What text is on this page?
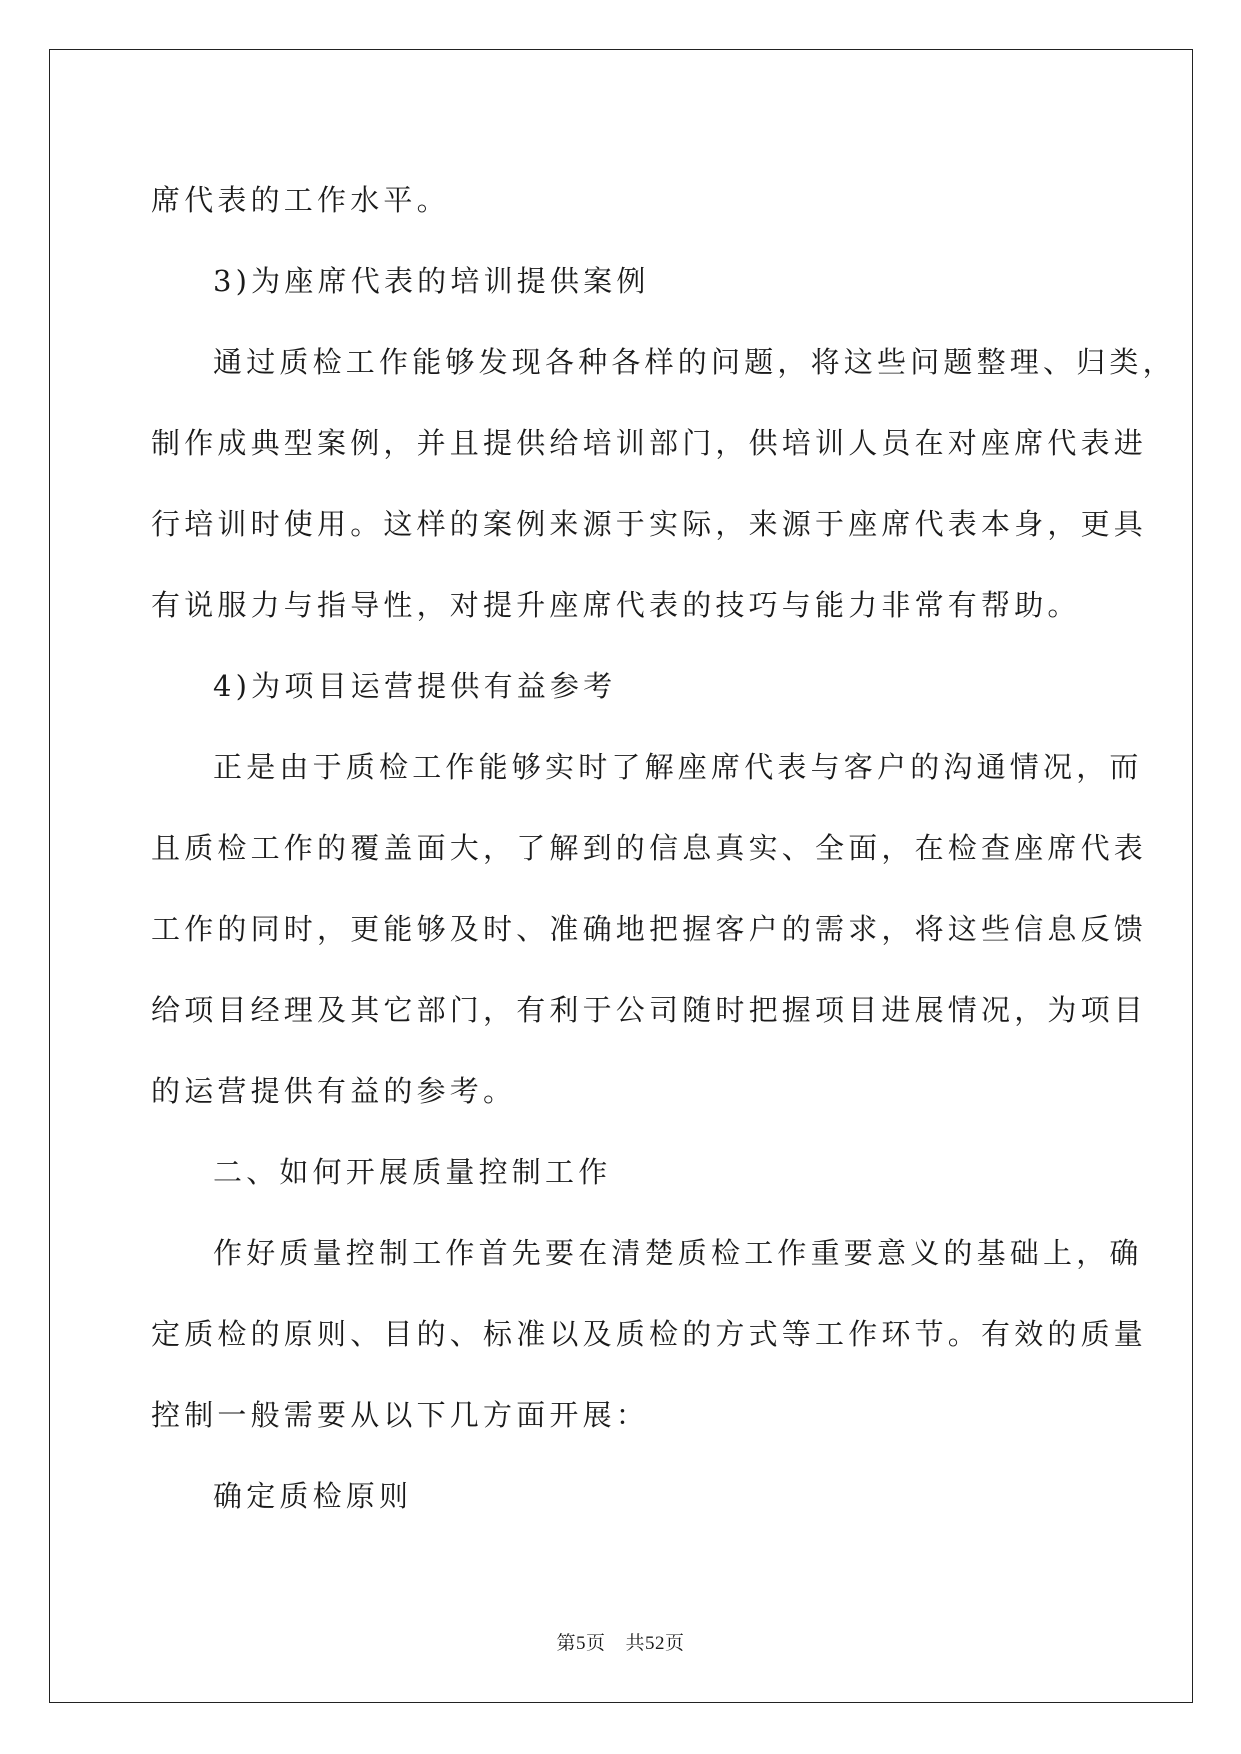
席代表的工作水平。
3)为座席代表的培训提供案例
通过质检工作能够发现各种各样的问题，将这些问题整理、归类，
制作成典型案例，并且提供给培训部门，供培训人员在对座席代表进
行培训时使用。这样的案例来源于实际，来源于座席代表本身，更具
有说服力与指导性，对提升座席代表的技巧与能力非常有帮助。
4)为项目运营提供有益参考
正是由于质检工作能够实时了解座席代表与客户的沟通情况，而
且质检工作的覆盖面大，了解到的信息真实、全面，在检查座席代表
工作的同时，更能够及时、准确地把握客户的需求，将这些信息反馈
给项目经理及其它部门，有利于公司随时把握项目进展情况，为项目
的运营提供有益的参考。
二、如何开展质量控制工作
作好质量控制工作首先要在清楚质检工作重要意义的基础上，确
定质检的原则、目的、标准以及质检的方式等工作环节。有效的质量
控制一般需要从以下几方面开展：
确定质检原则
第5页 共52页
